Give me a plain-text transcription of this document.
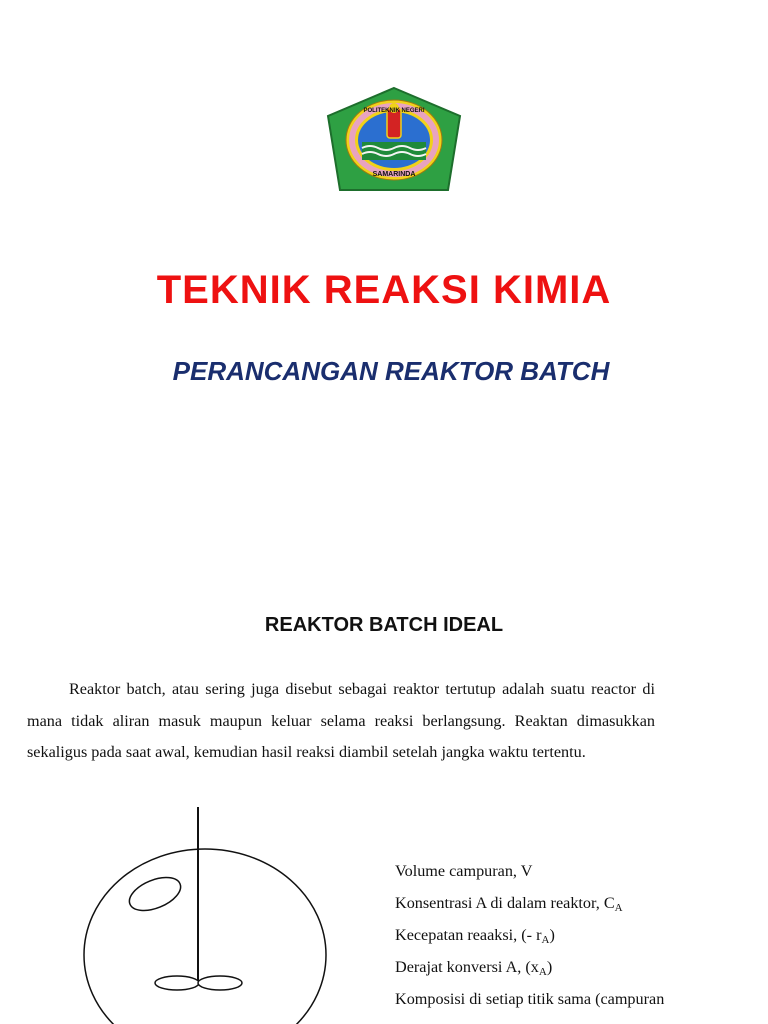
POLITEKNIK NEGERI
SAMARINDA
TEKNIK REAKSI KIMIA
PERANCANGAN REAKTOR BATCH
REAKTOR BATCH IDEAL

Reaktor batch, atau sering juga disebut sebagai reaktor tertutup adalah suatu reactor di mana tidak aliran masuk maupun keluar selama reaksi berlangsung. Reaktan dimasukkan sekaligus pada saat awal, kemudian hasil reaksi diambil setelah jangka waktu tertentu.

Volume campuran, V
Konsentrasi A di dalam reaktor, $C_A$
Kecepatan reaaksi, (- $r_A$)
Derajat konversi A, $(x_A)$
Komposisi di setiap titik sama (campuran
